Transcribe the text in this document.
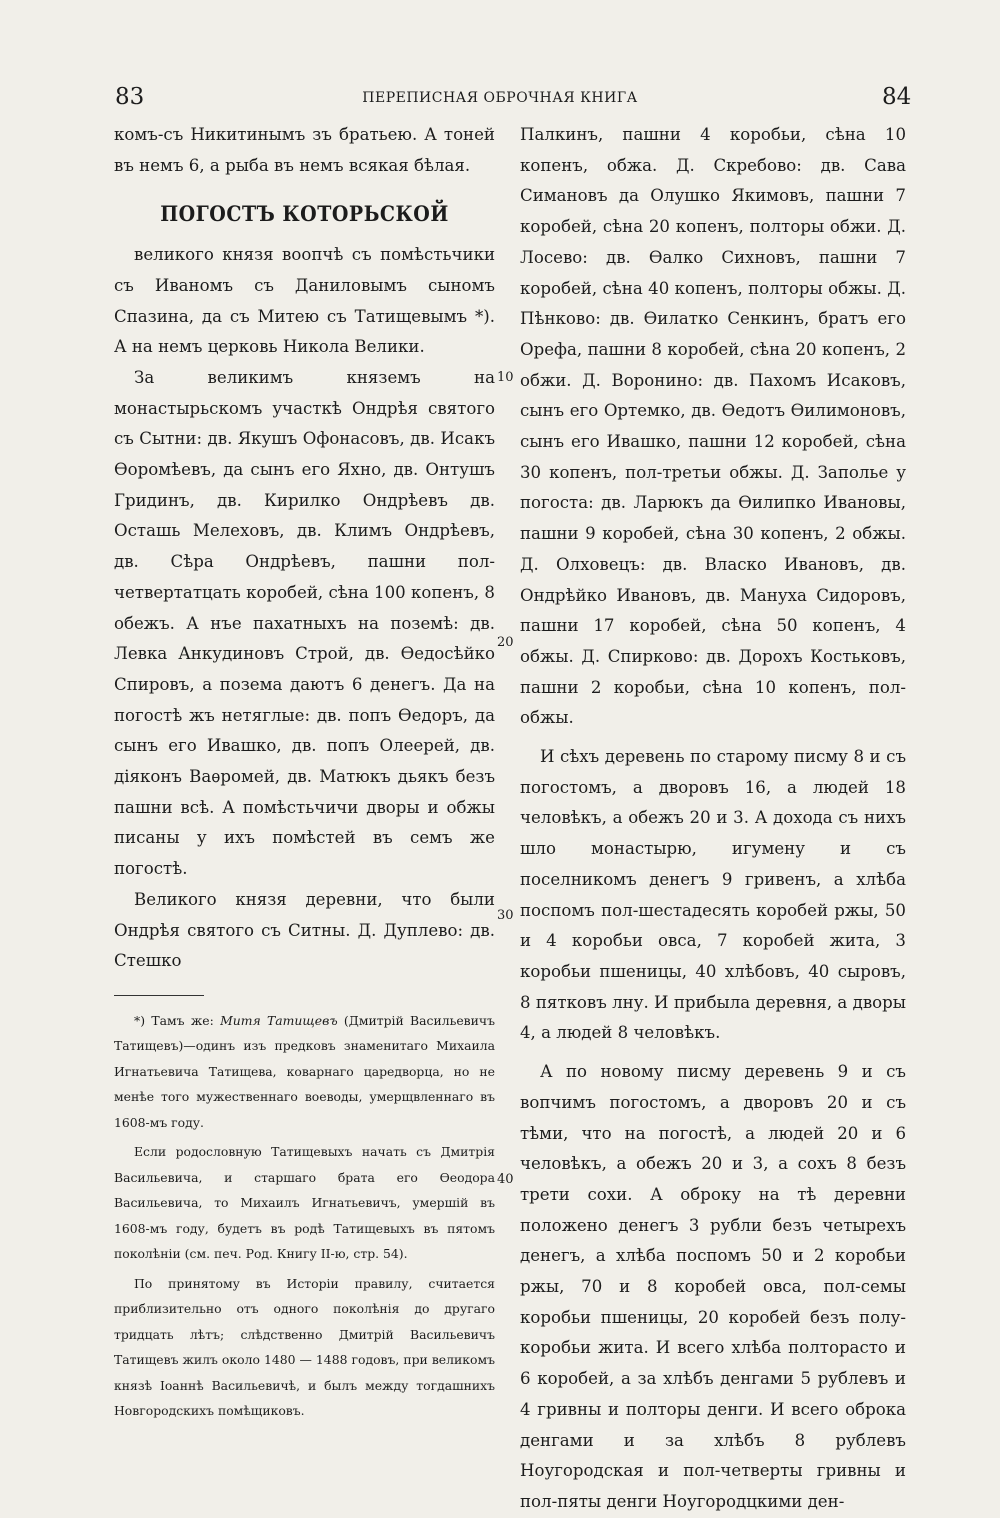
83	ПЕРЕПИСНАЯ ОБРОЧНАЯ КНИГА	84

комъ-съ Никитинымъ зъ братьею. А тоней въ немъ 6, а рыба въ немъ всякая бѣлая.

ПОГОСТЪ КОТОРЬСКОЙ

великого князя воопчѣ съ помѣстьчики съ Иваномъ съ Даниловымъ сыномъ Спазина, да съ Митею съ Татищевымъ *). А на немъ церковь Никола Велики.

За великимъ княземъ на монастырьскомъ участкѣ Ондрѣя святого съ Сытни: дв. Якушъ Офонасовъ, дв. Исакъ Ѳоромѣевъ, да сынъ его Яхно, дв. Онтушъ Гридинъ, дв. Кирилко Ондрѣевъ дв. Осташь Мелеховъ, дв. Климъ Ондрѣевъ, дв. Сѣра Ондрѣевъ, пашни пол-четвертатцать коробей, сѣна 100 копенъ, 8 обежъ. А нъе пахатныхъ на поземѣ: дв. Левка Анкудиновъ Строй, дв. Ѳедосѣйко Спировъ, а позема даютъ 6 денегъ. Да на погостѣ жъ нетяглые: дв. попъ Ѳедоръ, да сынъ его Ивашко, дв. попъ Олеерей, дв. дiяконъ Ваѳромей, дв. Матюкъ дьякъ безъ пашни всѣ. А помѣстьчичи дворы и обжы писаны у ихъ помѣстей въ семъ же погостѣ.

Великого князя деревни, что были Ондрѣя святого съ Ситны. Д. Дуплево: дв. Стешко

*) Тамъ же: Митя Татищевъ (Дмитрiй Васильевичъ Татищевъ)—одинъ изъ предковъ знаменитаго Михаила Игнатьевича Татищева, коварнаго царедворца, но не менѣе того мужественнаго воеводы, умерщвленнаго въ 1608-мъ году.

Если родословную Татищевыхъ начать съ Дмитрiя Васильевича, и старшаго брата его Ѳеодора Васильевича, то Михаилъ Игнатьевичъ, умершiй въ 1608-мъ году, будетъ въ родѣ Татищевыхъ въ пятомъ поколѣнiи (см. печ. Род. Книгу II-ю, стр. 54).

По принятому въ Исторiи правилу, считается приблизительно отъ одного поколѣнiя до другаго тридцать лѣтъ; слѣдственно Дмитрiй Васильевичъ Татищевъ жилъ около 1480 — 1488 годовъ, при великомъ князѣ Iоаннѣ Васильевичѣ, и былъ между тогдашнихъ Новгородскихъ помѣщиковъ.

10
20
30
40

Палкинъ, пашни 4 коробьи, сѣна 10 копенъ, обжа. Д. Скребово: дв. Сава Симановъ да Олушко Якимовъ, пашни 7 коробей, сѣна 20 копенъ, полторы обжи. Д. Лосево: дв. Ѳалко Сихновъ, пашни 7 коробей, сѣна 40 копенъ, полторы обжы. Д. Пѣнково: дв. Ѳилатко Сенкинъ, братъ его Орефа, пашни 8 коробей, сѣна 20 копенъ, 2 обжи. Д. Воронино: дв. Пахомъ Исаковъ, сынъ его Ортемко, дв. Ѳедотъ Ѳилимоновъ, сынъ его Ивашко, пашни 12 коробей, сѣна 30 копенъ, пол-третьи обжы. Д. Заполье у погоста: дв. Ларюкъ да Ѳилипко Ивановы, пашни 9 коробей, сѣна 30 копенъ, 2 обжы. Д. Олховецъ: дв. Власко Ивановъ, дв. Ондрѣйко Ивановъ, дв. Мануха Сидоровъ, пашни 17 коробей, сѣна 50 копенъ, 4 обжы. Д. Спирково: дв. Дорохъ Костьковъ, пашни 2 коробьи, сѣна 10 копенъ, пол-обжы.

И сѣхъ деревень по старому писму 8 и съ погостомъ, а дворовъ 16, а людей 18 человѣкъ, а обежъ 20 и 3. А дохода съ нихъ шло монастырю, игумену и съ поселникомъ денегъ 9 гривенъ, а хлѣба поспомъ пол-шестадесять коробей ржы, 50 и 4 коробьи овса, 7 коробей жита, 3 коробьи пшеницы, 40 хлѣбовъ, 40 сыровъ, 8 пятковъ лну. И прибыла деревня, а дворы 4, а людей 8 человѣкъ.

А по новому писму деревень 9 и съ вопчимъ погостомъ, а дворовъ 20 и съ тѣми, что на погостѣ, а людей 20 и 6 человѣкъ, а обежъ 20 и 3, а сохъ 8 безъ трети сохи. А оброку на тѣ деревни положено денегъ 3 рубли безъ четырехъ денегъ, а хлѣба поспомъ 50 и 2 коробьи ржы, 70 и 8 коробей овса, пол-семы коробьи пшеницы, 20 коробей безъ полу-коробьи жита. И всего хлѣба полторасто и 6 коробей, а за хлѣбъ денгами 5 рублевъ и 4 гривны и полторы денги. И всего оброка денгами и за хлѣбъ 8 рублевъ Ноугородская и пол-четверты гривны и пол-пяты денги Ноугородцкими ден-
